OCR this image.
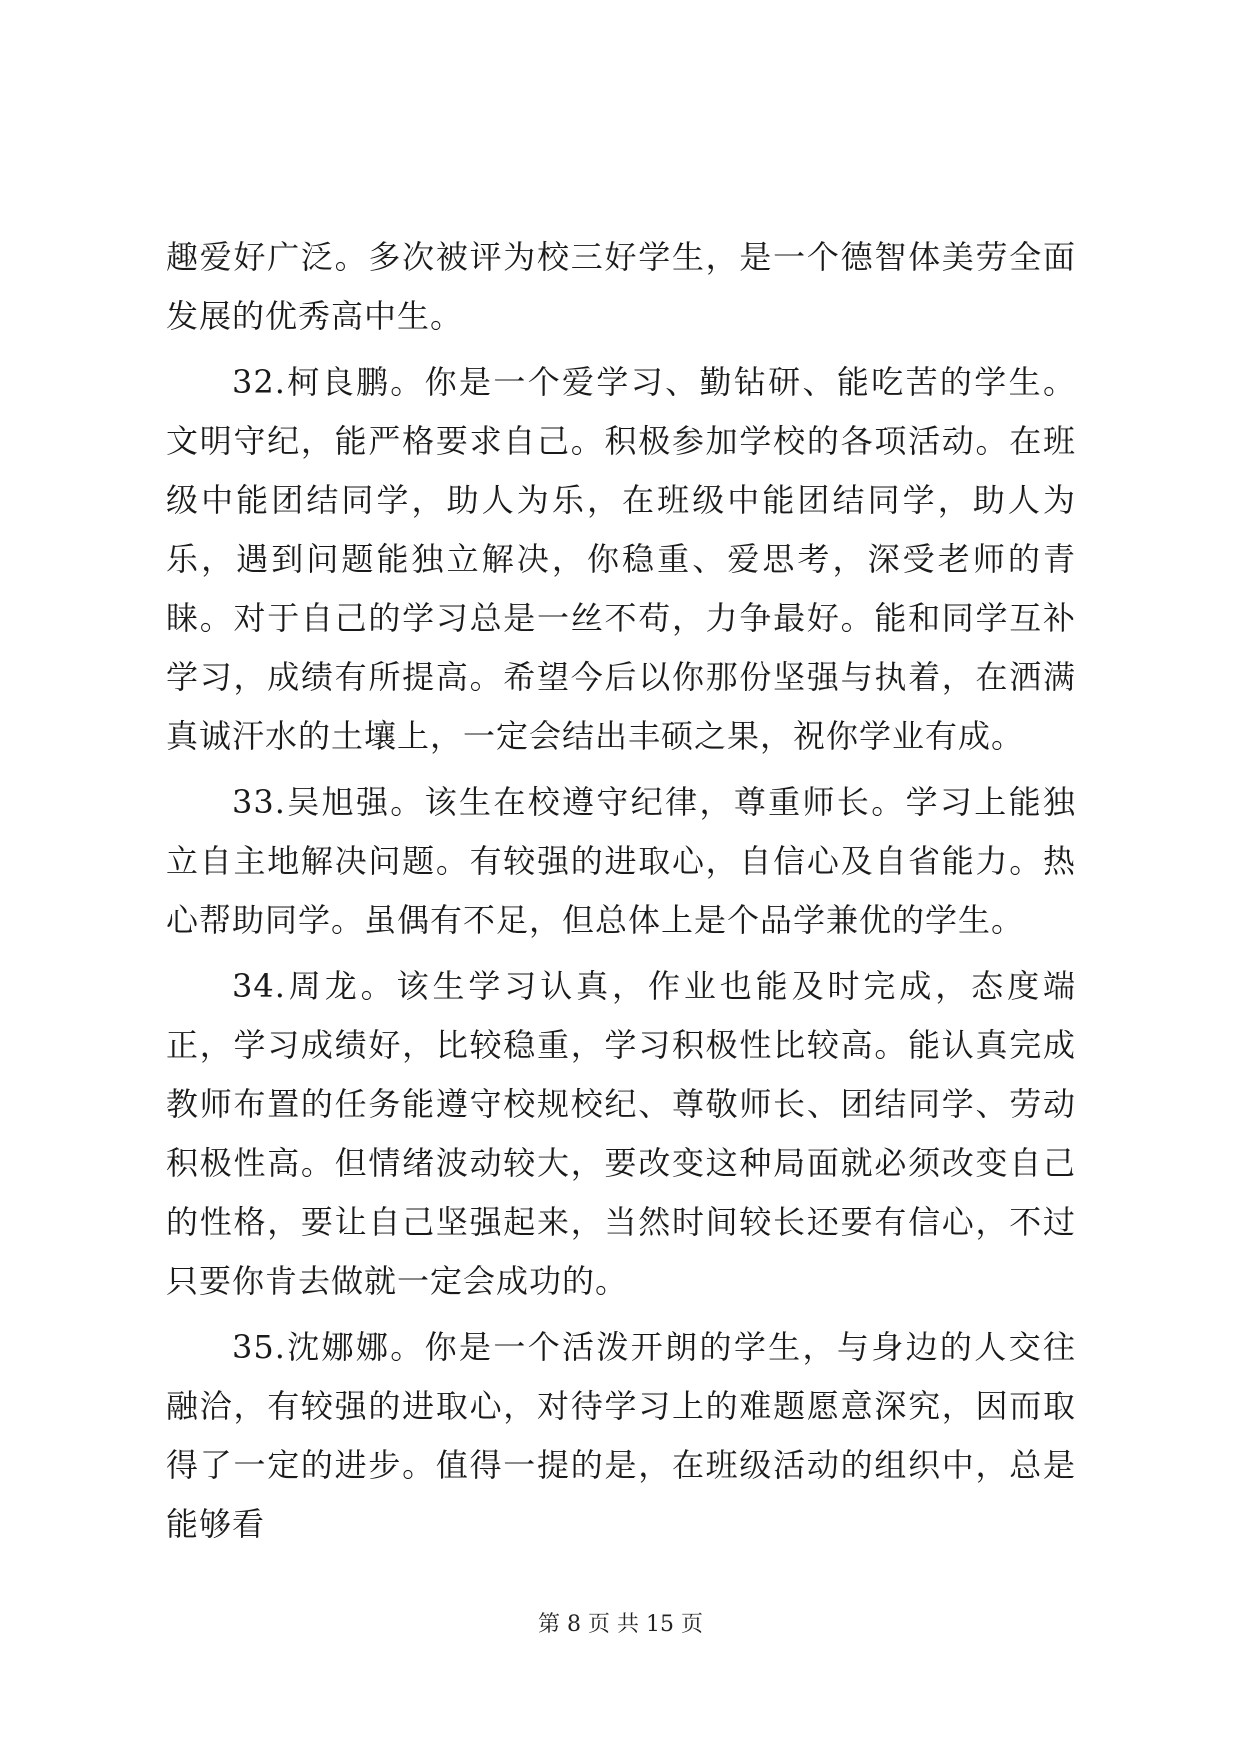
趣爱好广泛。多次被评为校三好学生，是一个德智体美劳全面发展的优秀高中生。

32.柯良鹏。你是一个爱学习、勤钻研、能吃苦的学生。文明守纪，能严格要求自己。积极参加学校的各项活动。在班级中能团结同学，助人为乐，在班级中能团结同学，助人为乐，遇到问题能独立解决，你稳重、爱思考，深受老师的青睐。对于自己的学习总是一丝不苟，力争最好。能和同学互补学习，成绩有所提高。希望今后以你那份坚强与执着，在洒满真诚汗水的土壤上，一定会结出丰硕之果，祝你学业有成。

33.吴旭强。该生在校遵守纪律，尊重师长。学习上能独立自主地解决问题。有较强的进取心，自信心及自省能力。热心帮助同学。虽偶有不足，但总体上是个品学兼优的学生。

34.周龙。该生学习认真，作业也能及时完成，态度端正，学习成绩好，比较稳重，学习积极性比较高。能认真完成教师布置的任务能遵守校规校纪、尊敬师长、团结同学、劳动积极性高。但情绪波动较大，要改变这种局面就必须改变自己的性格，要让自己坚强起来，当然时间较长还要有信心，不过只要你肯去做就一定会成功的。

35.沈娜娜。你是一个活泼开朗的学生，与身边的人交往融洽，有较强的进取心，对待学习上的难题愿意深究，因而取得了一定的进步。值得一提的是，在班级活动的组织中，总是能够看

第 8 页 共 15 页
